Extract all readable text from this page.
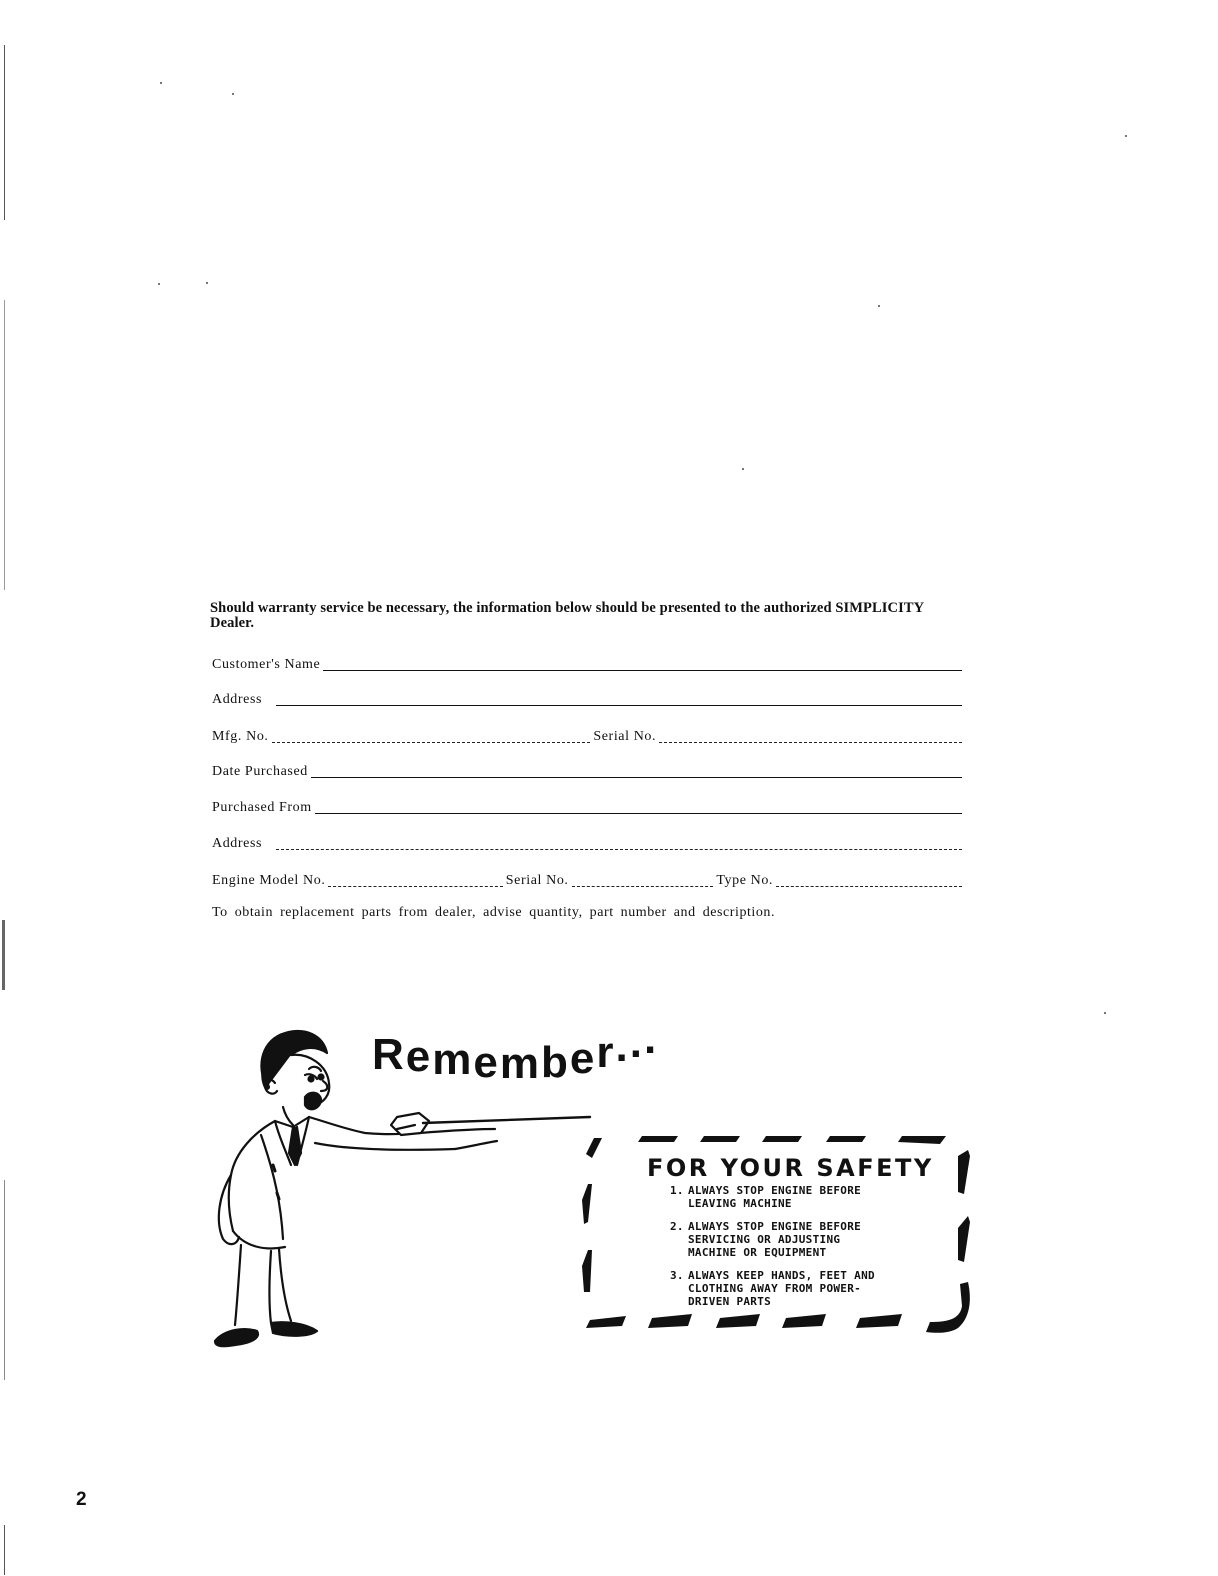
Should warranty service be necessary, the information below should be presented to the authorized SIMPLICITY Dealer.
Customer's Name
Address
Mfg. No.	Serial No.
Date Purchased
Purchased From
Address
Engine Model No.	Serial No.	Type No.
To obtain replacement parts from dealer, advise quantity, part number and description.
Remember...
FOR YOUR SAFETY
1. ALWAYS STOP ENGINE BEFORE LEAVING MACHINE
2. ALWAYS STOP ENGINE BEFORE SERVICING OR ADJUSTING MACHINE OR EQUIPMENT
3. ALWAYS KEEP HANDS, FEET AND CLOTHING AWAY FROM POWER-DRIVEN PARTS
2
